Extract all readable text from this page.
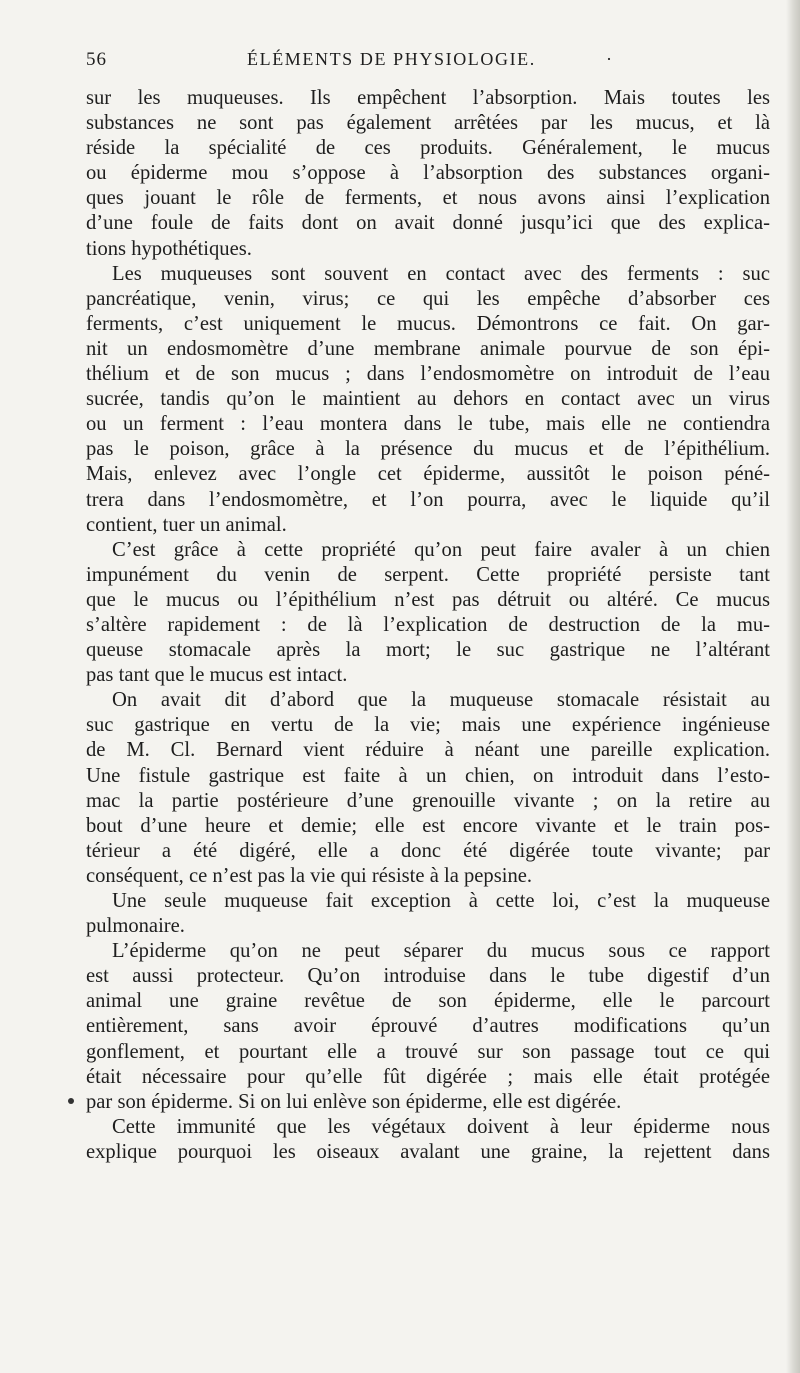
56	ÉLÉMENTS DE PHYSIOLOGIE.	·
sur les muqueuses. Ils empêchent l’absorption. Mais toutes les
substances ne sont pas également arrêtées par les mucus, et là
réside la spécialité de ces produits. Généralement, le mucus
ou épiderme mou s’oppose à l’absorption des substances organi-
ques jouant le rôle de ferments, et nous avons ainsi l’explication
d’une foule de faits dont on avait donné jusqu’ici que des explica-
tions hypothétiques.
Les muqueuses sont souvent en contact avec des ferments : suc
pancréatique, venin, virus; ce qui les empêche d’absorber ces
ferments, c’est uniquement le mucus. Démontrons ce fait. On gar-
nit un endosmomètre d’une membrane animale pourvue de son épi-
thélium et de son mucus ; dans l’endosmomètre on introduit de l’eau
sucrée, tandis qu’on le maintient au dehors en contact avec un virus
ou un ferment : l’eau montera dans le tube, mais elle ne contiendra
pas le poison, grâce à la présence du mucus et de l’épithélium.
Mais, enlevez avec l’ongle cet épiderme, aussitôt le poison péné-
trera dans l’endosmomètre, et l’on pourra, avec le liquide qu’il
contient, tuer un animal.
C’est grâce à cette propriété qu’on peut faire avaler à un chien
impunément du venin de serpent. Cette propriété persiste tant
que le mucus ou l’épithélium n’est pas détruit ou altéré. Ce mucus
s’altère rapidement : de là l’explication de destruction de la mu-
queuse stomacale après la mort; le suc gastrique ne l’altérant
pas tant que le mucus est intact.
On avait dit d’abord que la muqueuse stomacale résistait au
suc gastrique en vertu de la vie; mais une expérience ingénieuse
de M. Cl. Bernard vient réduire à néant une pareille explication.
Une fistule gastrique est faite à un chien, on introduit dans l’esto-
mac la partie postérieure d’une grenouille vivante ; on la retire au
bout d’une heure et demie; elle est encore vivante et le train pos-
térieur a été digéré, elle a donc été digérée toute vivante; par
conséquent, ce n’est pas la vie qui résiste à la pepsine.
Une seule muqueuse fait exception à cette loi, c’est la muqueuse
pulmonaire.
L’épiderme qu’on ne peut séparer du mucus sous ce rapport
est aussi protecteur. Qu’on introduise dans le tube digestif d’un
animal une graine revêtue de son épiderme, elle le parcourt
entièrement, sans avoir éprouvé d’autres modifications qu’un
gonflement, et pourtant elle a trouvé sur son passage tout ce qui
était nécessaire pour qu’elle fût digérée ; mais elle était protégée
par son épiderme. Si on lui enlève son épiderme, elle est digérée.
Cette immunité que les végétaux doivent à leur épiderme nous
explique pourquoi les oiseaux avalant une graine, la rejettent dans
